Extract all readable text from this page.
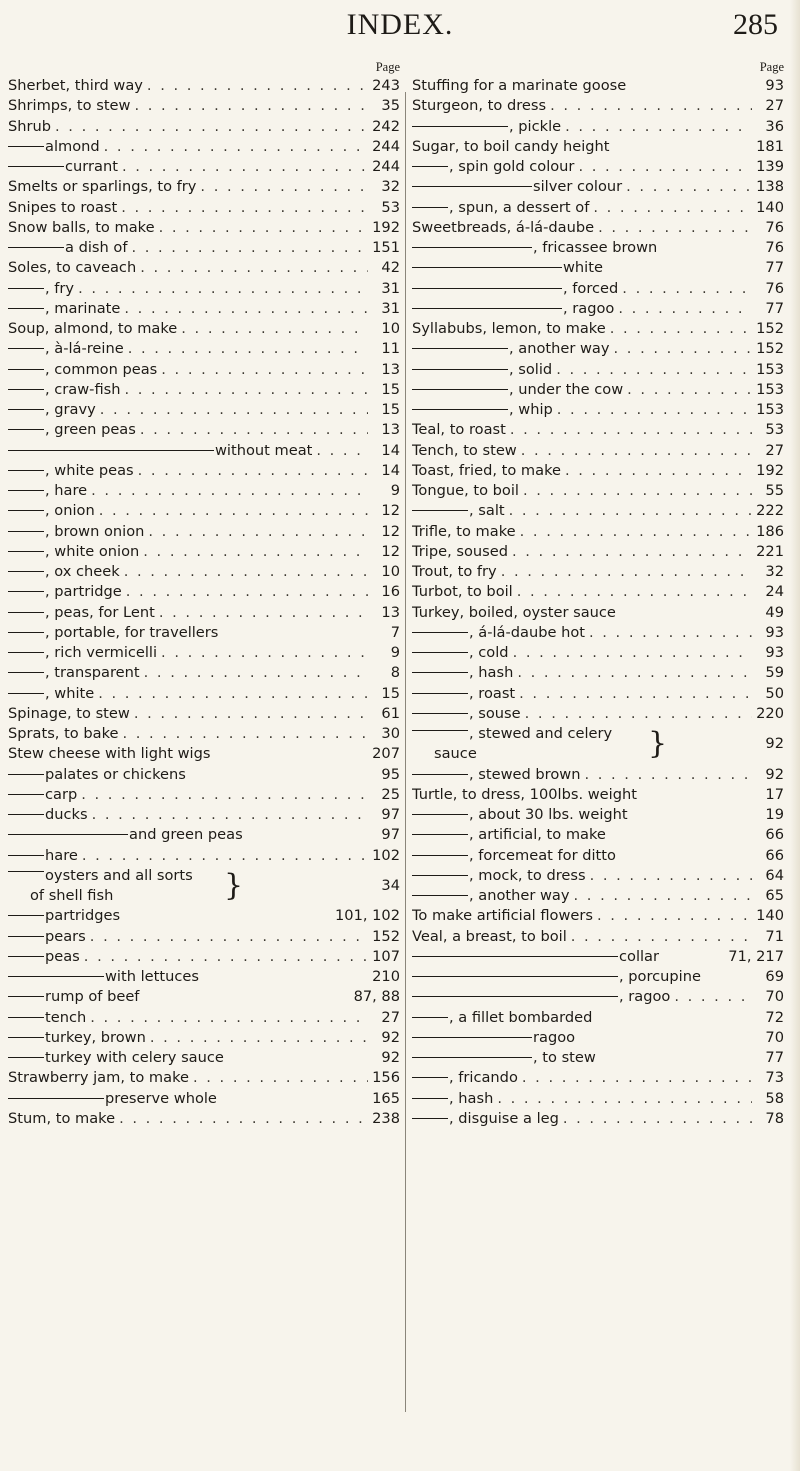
INDEX.	285
Page
Sherbet, third way . . .	243
Shrimps, to stew . . .	35
Shrub . . .	242
almond . . .	244
currant . . .	244
Smelts or sparlings, to fry . . .	32
Snipes to roast . . .	53
Snow balls, to make . . .	192
a dish of . . .	151
Soles, to caveach . . .	42
, fry . . .	31
, marinate . . .	31
Soup, almond, to make . . .	10
, à-lá-reine . . .	11
, common peas . . .	13
, craw-fish . . .	15
, gravy . . .	15
, green peas . . .	13
without meat . . .	14
, white peas . . .	14
, hare . . .	9
, onion . . .	12
, brown onion . . .	12
, white onion . . .	12
, ox cheek . . .	10
, partridge . . .	16
, peas, for Lent . . .	13
, portable, for travellers	7
, rich vermicelli . . .	9
, transparent . . .	8
, white . . .	15
Spinage, to stew . . .	61
Sprats, to bake . . .	30
Stew cheese with light wigs	207
palates or chickens	95
carp . . .	25
ducks . . .	97
and green peas	97
hare . . .	102
oysters and all sorts
of shell fish	}	34
partridges	101, 102
pears . . .	152
peas . . .	107
with lettuces	210
rump of beef	87, 88
tench . . .	27
turkey, brown . . .	92
turkey with celery sauce	92
Strawberry jam, to make . . .	156
preserve whole	165
Stum, to make . . .	238
Page
Stuffing for a marinate goose	93
Sturgeon, to dress . . .	27
, pickle . . .	36
Sugar, to boil candy height	181
, spin gold colour . . .	139
silver colour . . .	138
, spun, a dessert of . . .	140
Sweetbreads, á-lá-daube . . .	76
, fricassee brown	76
white	77
, forced . . .	76
, ragoo . . .	77
Syllabubs, lemon, to make . . .	152
, another way . . .	152
, solid . . .	153
, under the cow . . .	153
, whip . . .	153
Teal, to roast . . .	53
Tench, to stew . . .	27
Toast, fried, to make . . .	192
Tongue, to boil . . .	55
, salt . . .	222
Trifle, to make . . .	186
Tripe, soused . . .	221
Trout, to fry . . .	32
Turbot, to boil . . .	24
Turkey, boiled, oyster sauce	49
, á-lá-daube hot . . .	93
, cold . . .	93
, hash . . .	59
, roast . . .	50
, souse . . .	220
, stewed and celery
sauce	}	92
, stewed brown . . .	92
Turtle, to dress, 100lbs. weight	17
, about 30 lbs. weight	19
, artificial, to make	66
, forcemeat for ditto	66
, mock, to dress . . .	64
, another way . . .	65
To make artificial flowers . . .	140
Veal, a breast, to boil . . .	71
collar	71, 217
, porcupine	69
, ragoo . . .	70
, a fillet bombarded	72
ragoo	70
, to stew	77
, fricando . . .	73
, hash . . .	58
, disguise a leg . . .	78
